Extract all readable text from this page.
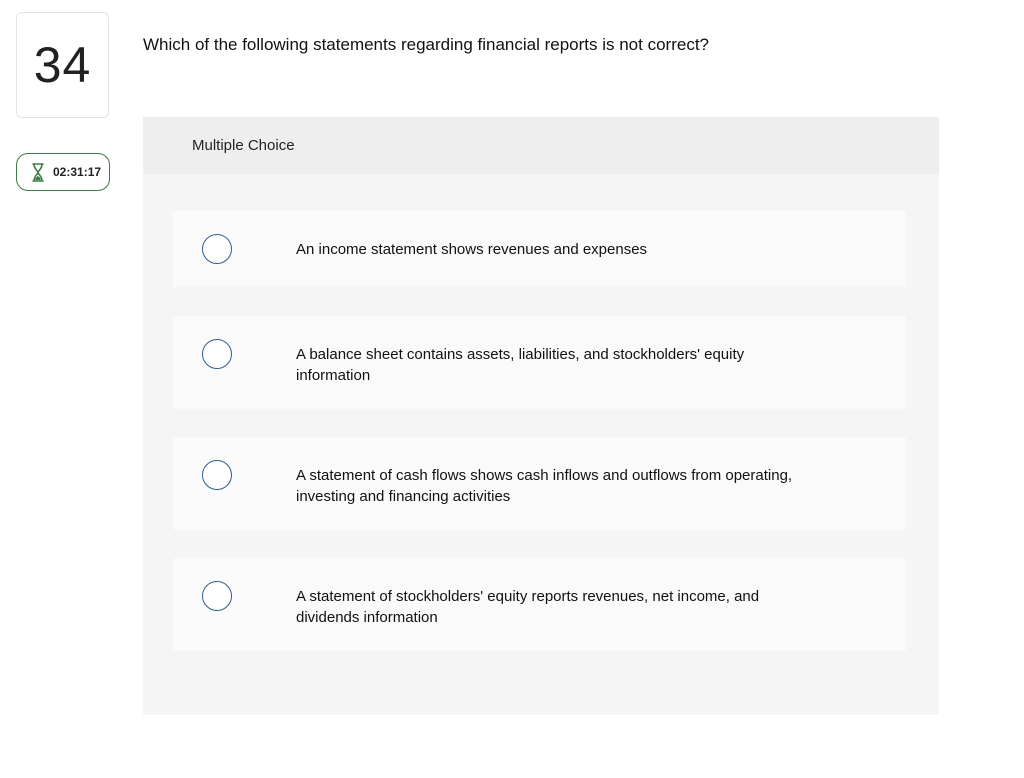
34
02:31:17
Which of the following statements regarding financial reports is not correct?
Multiple Choice
An income statement shows revenues and expenses
A balance sheet contains assets, liabilities, and stockholders' equity information
A statement of cash flows shows cash inflows and outflows from operating, investing and financing activities
A statement of stockholders' equity reports revenues, net income, and dividends information
